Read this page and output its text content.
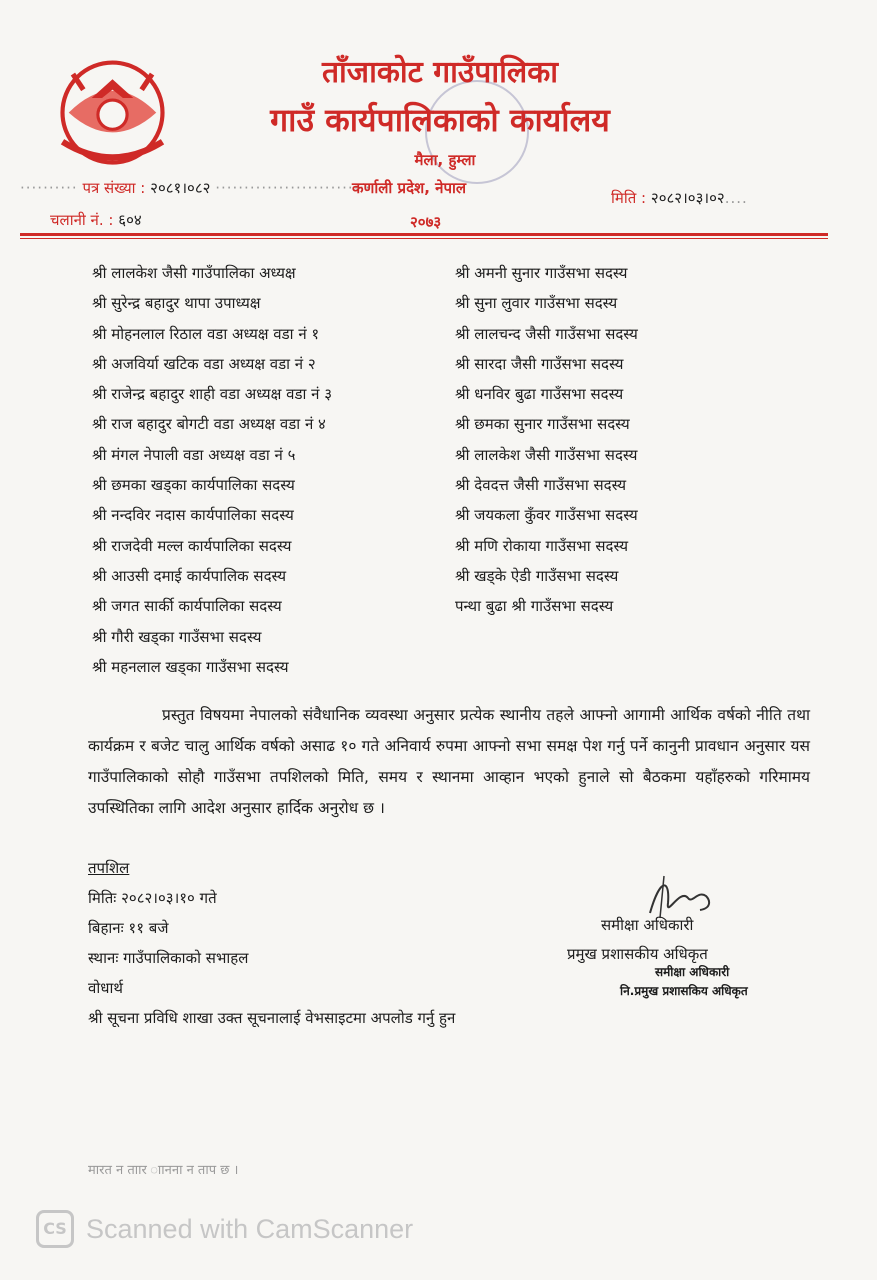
ताँजाकोट गाउँपालिका
गाउँ कार्यपालिकाको कार्यालय
मैला, हुम्ला
·········· पत्र संख्या : २०८१।०८२ ···························
कर्णाली प्रदेश, नेपाल
मिति : २०८२।०३।०२....
चलानी नं. : ६०४	२०७३
श्री लालकेश जैसी गाउँपालिका अध्यक्ष
श्री सुरेन्द्र बहादुर थापा उपाध्यक्ष
श्री मोहनलाल रिठाल वडा अध्यक्ष वडा नं १
श्री अजविर्या खटिक वडा अध्यक्ष वडा नं २
श्री राजेन्द्र बहादुर शाही वडा अध्यक्ष वडा नं ३
श्री राज बहादुर बोगटी वडा अध्यक्ष वडा नं ४
श्री मंगल नेपाली वडा अध्यक्ष वडा नं ५
श्री छमका खड्का कार्यपालिका सदस्य
श्री नन्दविर नदास कार्यपालिका सदस्य
श्री राजदेवी मल्ल कार्यपालिका सदस्य
श्री आउसी दमाई कार्यपालिक सदस्य
श्री जगत सार्की कार्यपालिका सदस्य
श्री गौरी खड्का गाउँसभा सदस्य
श्री महनलाल खड्का गाउँसभा सदस्य
श्री अमनी सुनार गाउँसभा सदस्य
श्री सुना लुवार गाउँसभा सदस्य
श्री लालचन्द जैसी गाउँसभा सदस्य
श्री सारदा जैसी गाउँसभा सदस्य
श्री धनविर बुढा गाउँसभा सदस्य
श्री छमका सुनार गाउँसभा सदस्य
श्री लालकेश जैसी गाउँसभा सदस्य
श्री देवदत्त जैसी गाउँसभा सदस्य
श्री जयकला कुँवर गाउँसभा सदस्य
श्री मणि रोकाया गाउँसभा सदस्य
श्री खड्के ऐडी गाउँसभा सदस्य
पन्था बुढा श्री गाउँसभा सदस्य

प्रस्तुत विषयमा नेपालको संवैधानिक व्यवस्था अनुसार प्रत्येक स्थानीय तहले आफ्नो आगामी आर्थिक वर्षको नीति तथा कार्यक्रम र बजेट चालु आर्थिक वर्षको असाढ १० गते अनिवार्य रुपमा आफ्नो सभा समक्ष पेश गर्नु पर्ने कानुनी प्रावधान अनुसार यस गाउँपालिकाको सोहौ गाउँसभा तपशिलको मिति, समय र स्थानमा आव्हान भएको हुनाले सो बैठकमा यहाँहरुको गरिमामय उपस्थितिका लागि आदेश अनुसार हार्दिक अनुरोध छ ।

तपशिल
मितिः २०८२।०३।१० गते
बिहानः ११ बजे
स्थानः गाउँपालिकाको सभाहल
वोधार्थ
श्री सूचना प्रविधि शाखा उक्त सूचनालाई वेभसाइटमा अपलोड गर्नु हुन
समीक्षा अधिकारी
प्रमुख प्रशासकीय अधिकृत
समीक्षा अधिकारी
नि.प्रमुख प्रशासकिय अधिकृत
मारत न ताार ाानना न ताप छ ।
CS Scanned with CamScanner
